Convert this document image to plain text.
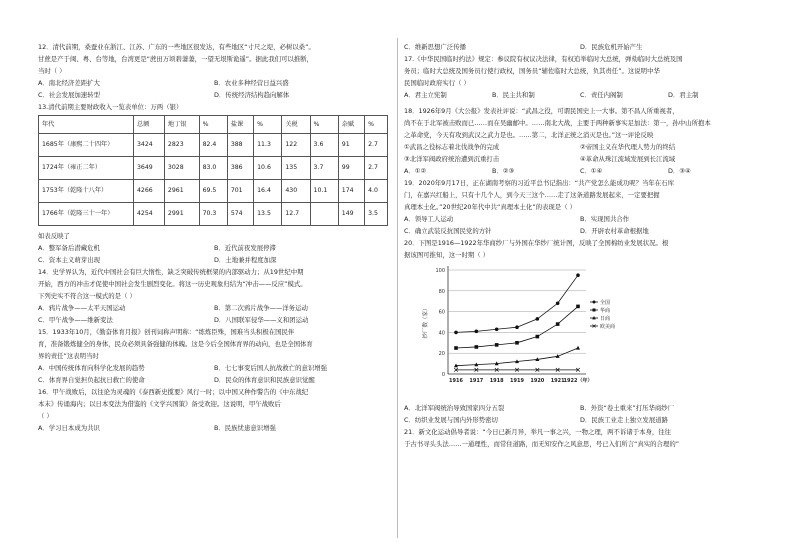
12．清代前期，桑蚕业在浙江、江苏、广东的一些地区很发达，有些地区“寸尺之堤，必树以桑”。
甘蔗是产于闽、粤、台等地，台湾更是“蔗田万顷碧萋萋，一望无垠斯诡遥”。据此我们可以推断，
当时（ ）
A．南北经济差距扩大	B．农业多种经营日益兴盛
C．社会发展加速转型	D．传统经济结构趋向解体
13.清代前期主要财政收入一览表单位：万两（银）
年代	总额	地丁银	%	盐课	%	关税	%	杂赋	%
1685年（康熙二十四年）	3424	2823	82.4	388	11.3	122	3.6	91	2.7
1724年（雍正二年）	3649	3028	83.0	386	10.6	135	3.7	99	2.7
1753年（乾隆十八年）	4266	2961	69.5	701	16.4	430	10.1	174	4.0
1766年（乾隆三十一年）	4254	2991	70.3	574	13.5	12.7		149	3.5
如表反映了
A．整军备后潜藏危机	B．近代前夜发展停滞
C．资本主义萌芽出现	D．土地兼并程度加深
14．史学界认为，近代中国社会有巨大惰性，缺乏突破传统框架的内部驱动力；从19世纪中期
开始，西方的冲击才促使中国社会发生剧烈变化。将这一历史观象归结为“冲击——反应”模式。
下列史实不符合这一模式的是（ ）
A．鸦片战争——太平天国运动	B．第二次鸦片战争——洋务运动
C．甲午战争——维新变法	D．八国联军侵华——义和团运动
15．1933年10月，《勤奋体育月报》创刊词称声明称：“练炼臣殊，国难当头积极在国民伴
育，准备锻炼健全的身体，民众必须具备强健的体魄。这是今后全国体育界的动向，也是全国体育
界的责任”这表明当时
A．中国传统体育向科学化发展的趋势	B．七七事变后国人抗战救亡的意识增强
C．体育界自觉担负起抗日救亡的使命	D．民众的体育意识和民族意识觉醒
16．甲午战败后，以往论为灵魂的《泰西新史揽要》风行一时；以中国又种作警告的《中东战纪
本末》传诵海内；以日本变法为借鉴的《文学兴国策》备受欢迎。这说明，甲午战败后
（ ）
A．学习日本成为共识	B．民族忧患意识增强
C．维新思想广泛传播	D．民族危机开始产生
17.《中华民国临时约法》规定：参议院有权议决法律，有权追举临时大总统，弹劾临时大总统及国
务员；临时大总统及国务员行使行政权，国务员“辅佐临时大总统，负其责任”。这说明中华
民国临时政府实行（ ）
A．君主立宪制	B．民主共和制	C．责任内阁制	D．君主制
18．1926年9月《大公报》发表社评说：“武昌之役，可谓民国史上一大事。第不昌人所重视者，
尚不在于北军被击败而已……而在吴幽邮中。……南北大战，主要于两种新事实足加法：第一，孙中山所抱本
之革命党，今天有攻到武汉之武力是也。……第二，北洋正统之消灭是也。”这一评论反映
①武昌之役标志着北伐战争的完成	②帝国主义在华代理人势力的终结
③北洋军阀政府统治遭到沉重打击	④革命从珠江流域发展到长江流域
A．①②	B．②③	C．①④	D．③④
19．2020年9月17日，正在湖南考察的习近平总书记指出：“共产党怎么能成功呢？当年在石库
门，在嘉兴红船上，只有十几个人，到今天三这个……走了这条道路发展起来，一定要把握
真理本土化。”20世纪20年代中共“真理本土化”的表现是（ ）
A．领导工人运动	B．实现国共合作
C．确立武装反抗国民党的方针	D．开辟农村革命根据地
20．下图是1916—1922年华商纱厂与外国在华纱厂统计图，反映了全国棉纺业发展状况。根
据该图可推知，这一时期（ ）
0
20
40
60
80
100
1916 1917 1918 1919 1920 1921
1922（年）
纱厂数（家）
全国
华商
日商
欧美商
A．北洋军阀统治导致国家四分五裂	B．外资“卷土重来”打压华商纱厂
C．纺织业发展与国内外形势密切	D．民族工业走上独立发展道路
21．新文化运动倡导者说：“今日已新月异，举凡一事之兴，一物之理，两不诉诸于本身，往往
于古书寻头头法……一通理性，而常住道路，而无知安作之风意思，号已入们所言“真实的合理的”
